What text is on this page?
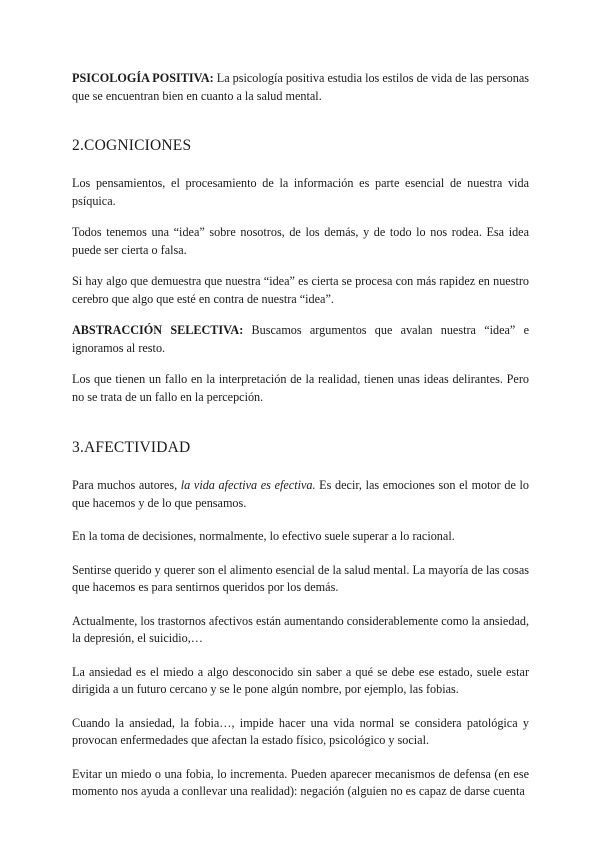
PSICOLOGÍA POSITIVA: La psicología positiva estudia los estilos de vida de las personas que se encuentran bien en cuanto a la salud mental.

2.COGNICIONES

Los pensamientos, el procesamiento de la información es parte esencial de nuestra vida psíquica.

Todos tenemos una “idea” sobre nosotros, de los demás, y de todo lo nos rodea. Esa idea puede ser cierta o falsa.

Si hay algo que demuestra que nuestra “idea” es cierta se procesa con más rapidez en nuestro cerebro que algo que esté en contra de nuestra “idea”.

ABSTRACCIÓN SELECTIVA: Buscamos argumentos que avalan nuestra “idea” e ignoramos al resto.

Los que tienen un fallo en la interpretación de la realidad, tienen unas ideas delirantes. Pero no se trata de un fallo en la percepción.

3.AFECTIVIDAD

Para muchos autores, la vida afectiva es efectiva. Es decir, las emociones son el motor de lo que hacemos y de lo que pensamos.

En la toma de decisiones, normalmente, lo efectivo suele superar a lo racional.

Sentirse querido y querer son el alimento esencial de la salud mental. La mayoría de las cosas que hacemos es para sentirnos queridos por los demás.

Actualmente, los trastornos afectivos están aumentando considerablemente como la ansiedad, la depresión, el suicidio,…

La ansiedad es el miedo a algo desconocido sin saber a qué se debe ese estado, suele estar dirigida a un futuro cercano y se le pone algún nombre, por ejemplo, las fobias.

Cuando la ansiedad, la fobia…, impide hacer una vida normal se considera patológica y provocan enfermedades que afectan la estado físico, psicológico y social.

Evitar un miedo o una fobia, lo incrementa. Pueden aparecer mecanismos de defensa (en ese momento nos ayuda a conllevar una realidad): negación (alguien no es capaz de darse cuenta
